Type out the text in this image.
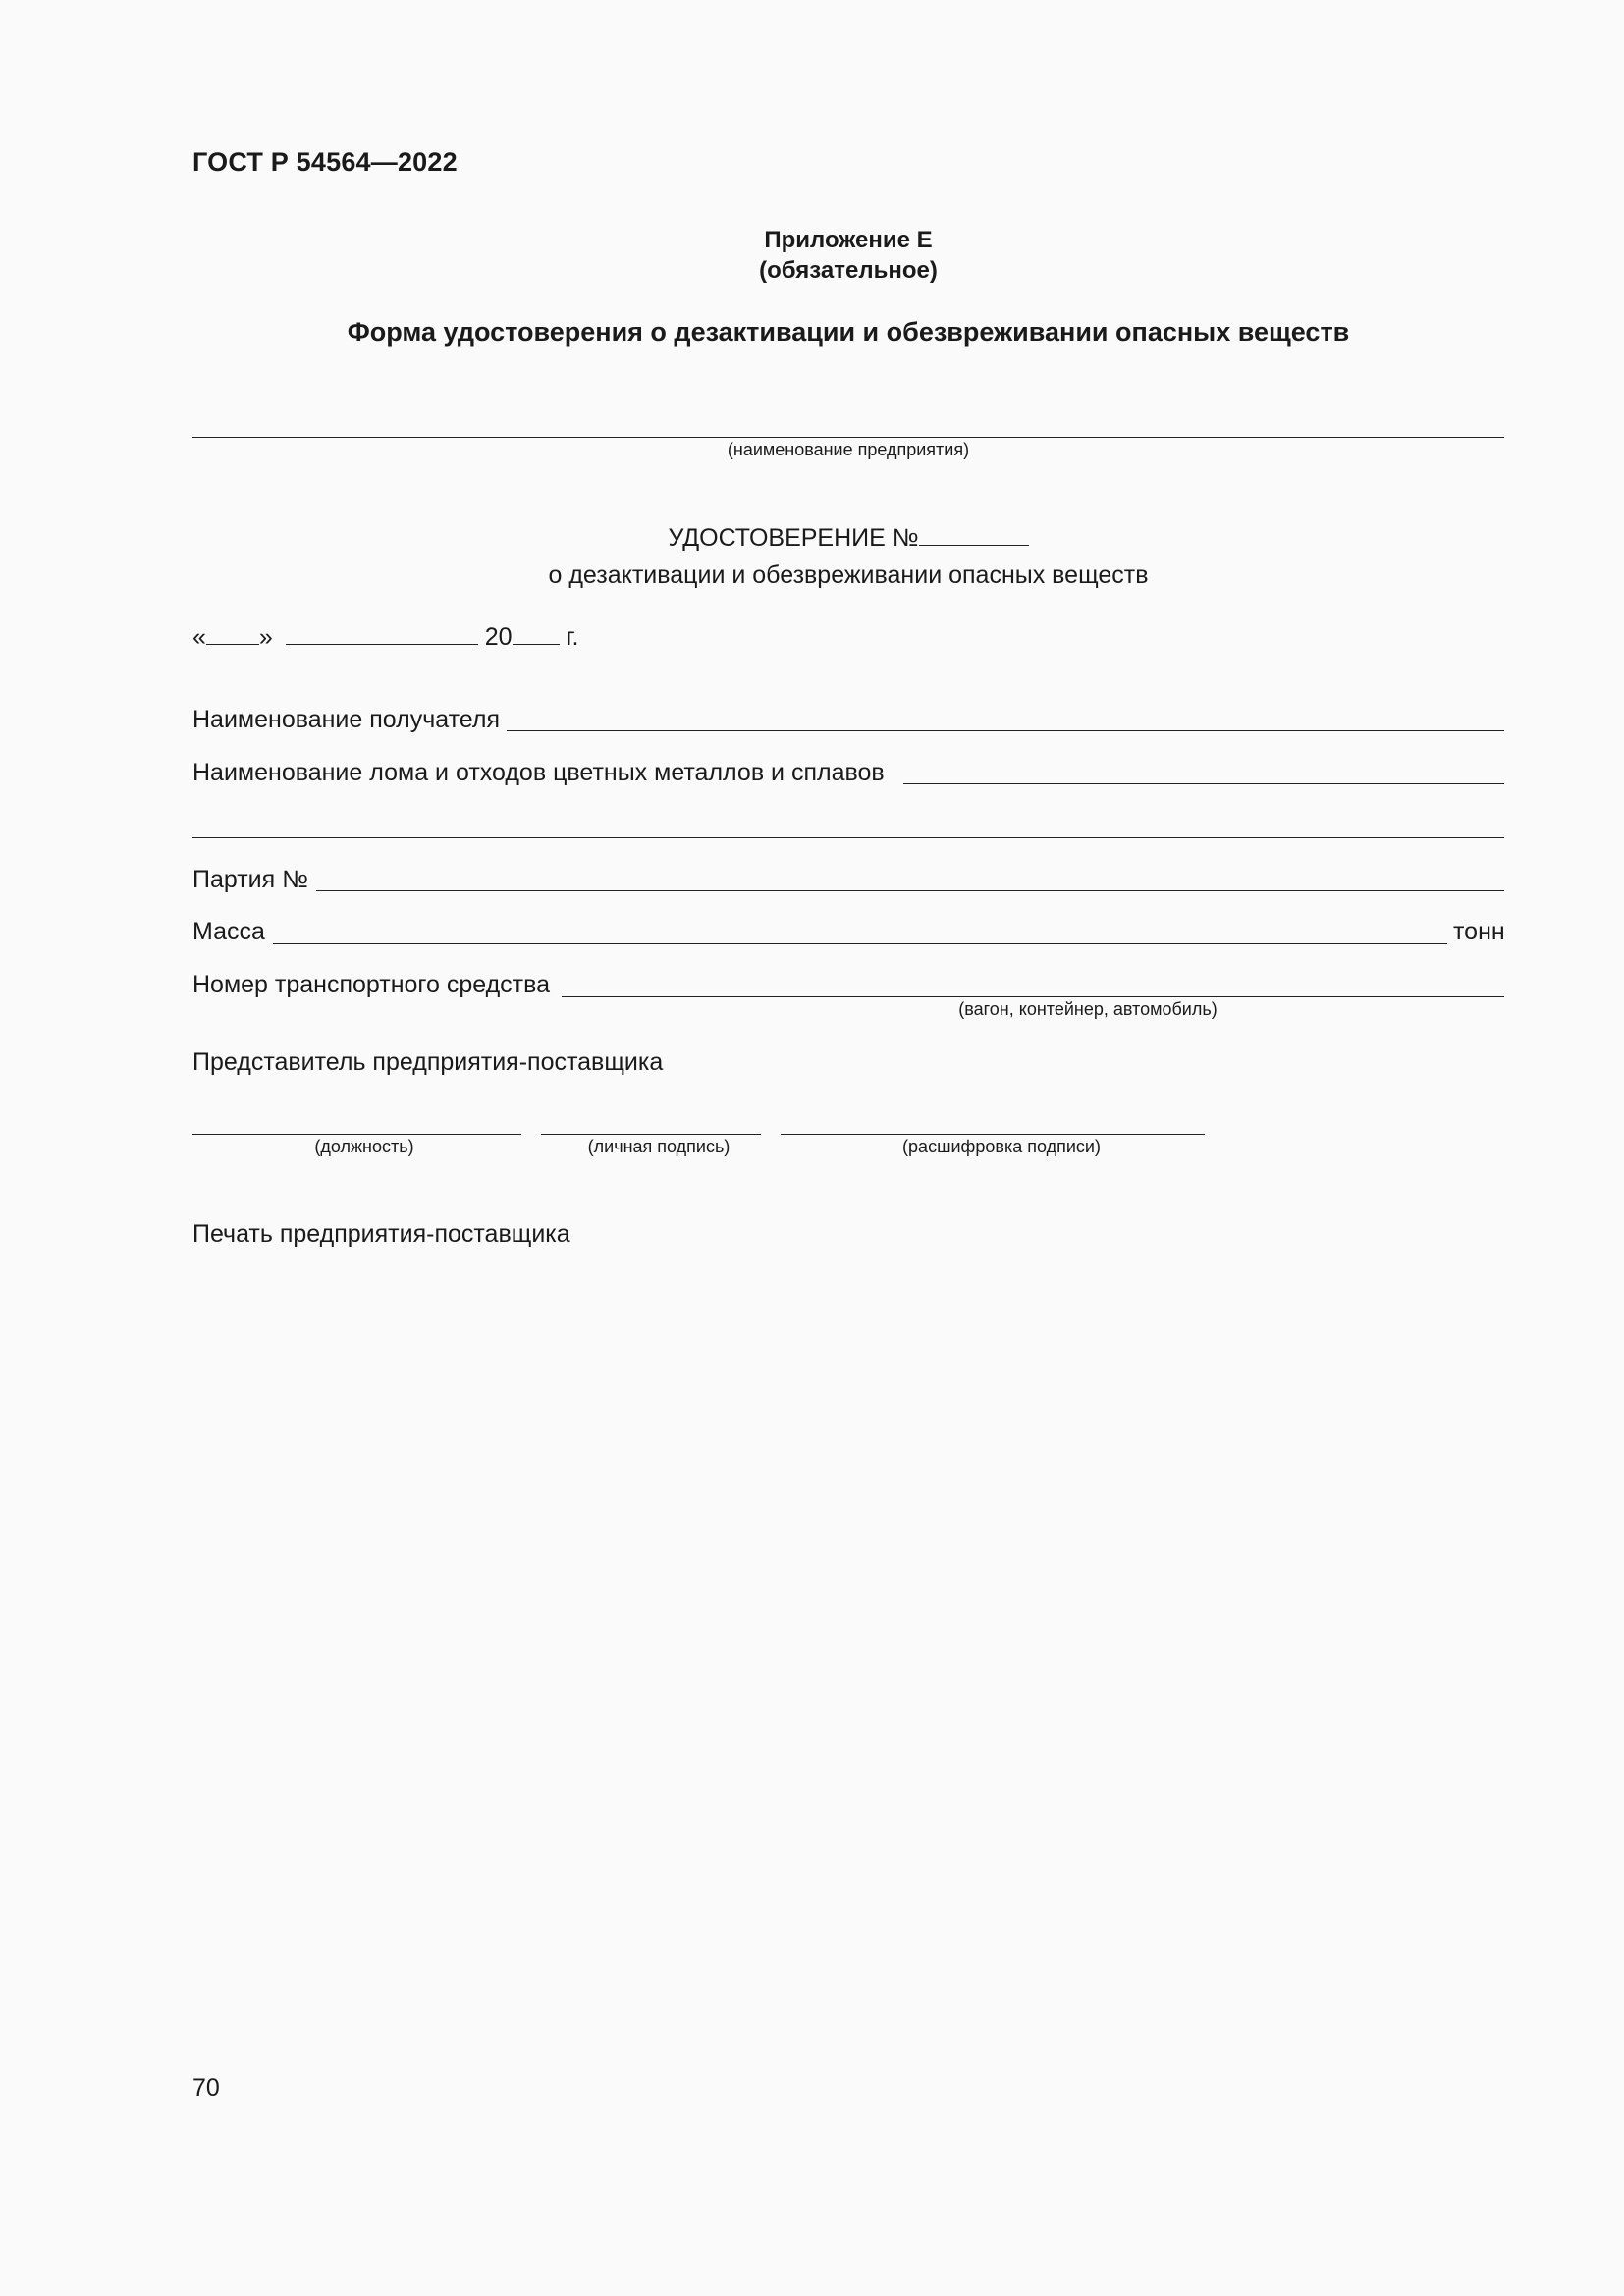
ГОСТ Р 54564—2022
Приложение Е
(обязательное)
Форма удостоверения о дезактивации и обезвреживании опасных веществ
(наименование предприятия)
УДОСТОВЕРЕНИЕ №
о дезактивации и обезвреживании опасных веществ
« »	20 г.
Наименование получателя
Наименование лома и отходов цветных металлов и сплавов
Партия №
Масса	тонн
Номер транспортного средства
(вагон, контейнер, автомобиль)
Представитель предприятия-поставщика
(должность)	(личная подпись)	(расшифровка подписи)
Печать предприятия-поставщика
70
